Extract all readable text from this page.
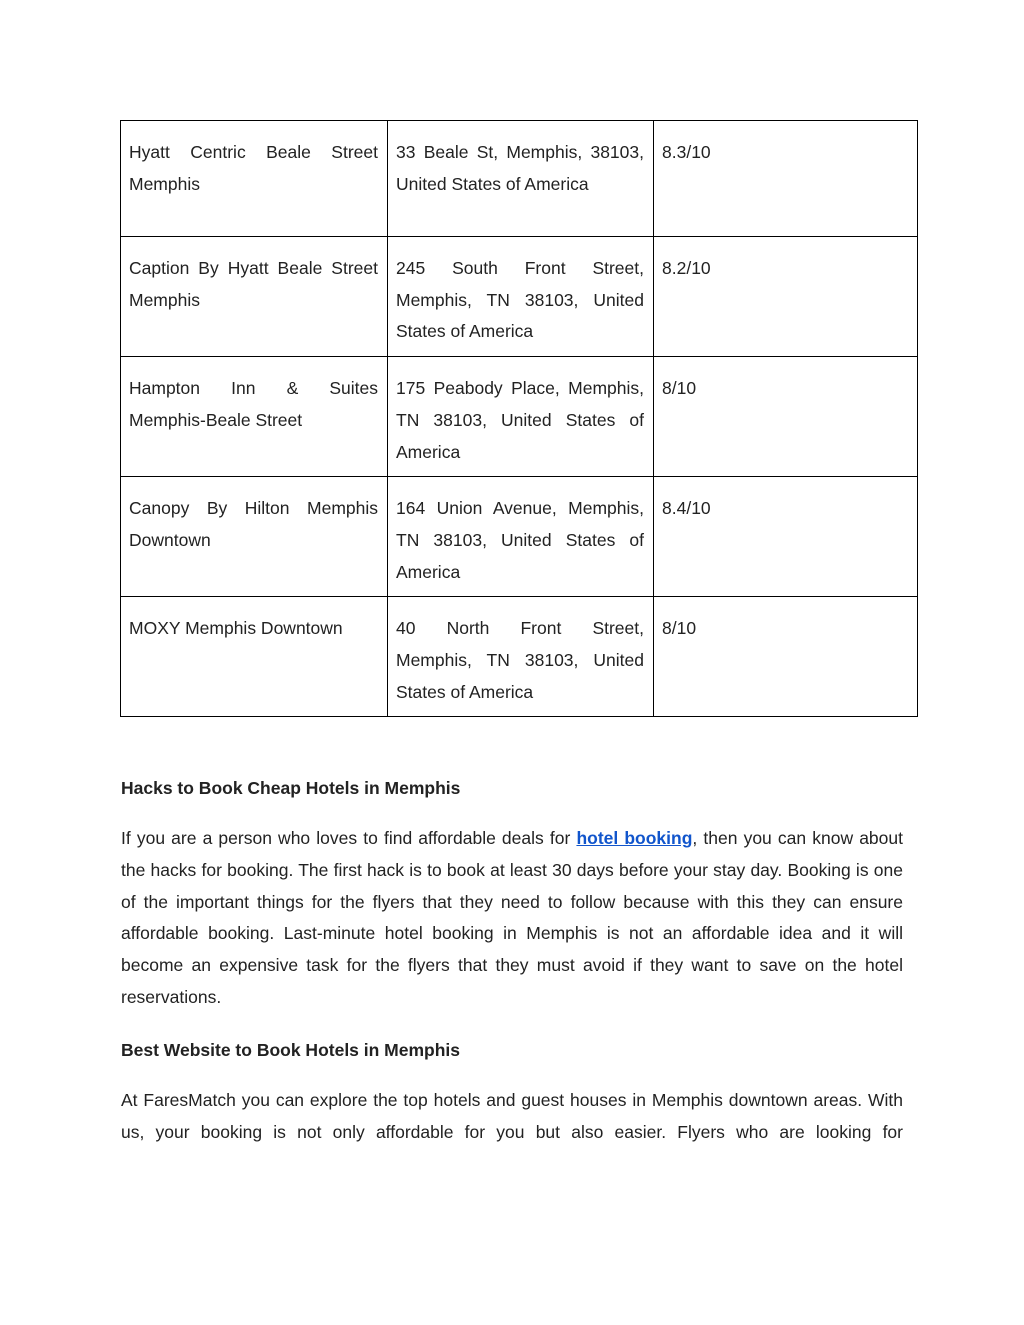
Hyatt Centric Beale Street Memphis	33 Beale St, Memphis, 38103, United States of America	8.3/10
Caption By Hyatt Beale Street Memphis	245 South Front Street, Memphis, TN 38103, United States of America	8.2/10
Hampton Inn & Suites Memphis-Beale Street	175 Peabody Place, Memphis, TN 38103, United States of America	8/10
Canopy By Hilton Memphis Downtown	164 Union Avenue, Memphis, TN 38103, United States of America	8.4/10
MOXY Memphis Downtown	40 North Front Street, Memphis, TN 38103, United States of America	8/10
Hacks to Book Cheap Hotels in Memphis

If you are a person who loves to find affordable deals for hotel booking, then you can know about the hacks for booking. The first hack is to book at least 30 days before your stay day. Booking is one of the important things for the flyers that they need to follow because with this they can ensure affordable booking. Last-minute hotel booking in Memphis is not an affordable idea and it will become an expensive task for the flyers that they must avoid if they want to save on the hotel reservations.

Best Website to Book Hotels in Memphis

At FaresMatch you can explore the top hotels and guest houses in Memphis downtown areas. With us, your booking is not only affordable for you but also easier. Flyers who are looking for
